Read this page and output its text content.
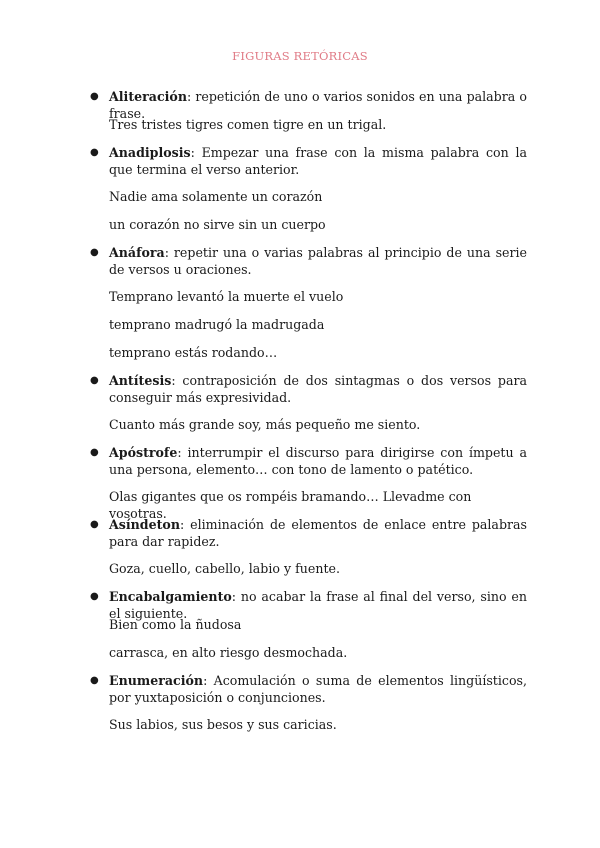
FIGURAS RETÓRICAS
● Aliteración: repetición de uno o varios sonidos en una palabra o frase.
Tres tristes tigres comen tigre en un trigal.
● Anadiplosis: Empezar una frase con la misma palabra con la que termina el verso anterior.
Nadie ama solamente un corazón
un corazón no sirve sin un cuerpo
● Anáfora: repetir una o varias palabras al principio de una serie de versos u oraciones.
Temprano levantó la muerte el vuelo
temprano madrugó la madrugada
temprano estás rodando…
● Antítesis: contraposición de dos sintagmas o dos versos para conseguir más expresividad.
Cuanto más grande soy, más pequeño me siento.
● Apóstrofe: interrumpir el discurso para dirigirse con ímpetu a una persona, elemento… con tono de lamento o patético.
Olas gigantes que os rompéis bramando… Llevadme con vosotras.
● Asíndeton: eliminación de elementos de enlace entre palabras para dar rapidez.
Goza, cuello, cabello, labio y fuente.
● Encabalgamiento: no acabar la frase al final del verso, sino en el siguiente.
Bien como la ñudosa
carrasca, en alto riesgo desmochada.
● Enumeración: Acomulación o suma de elementos lingüísticos, por yuxtaposición o conjunciones.
Sus labios, sus besos y sus caricias.
